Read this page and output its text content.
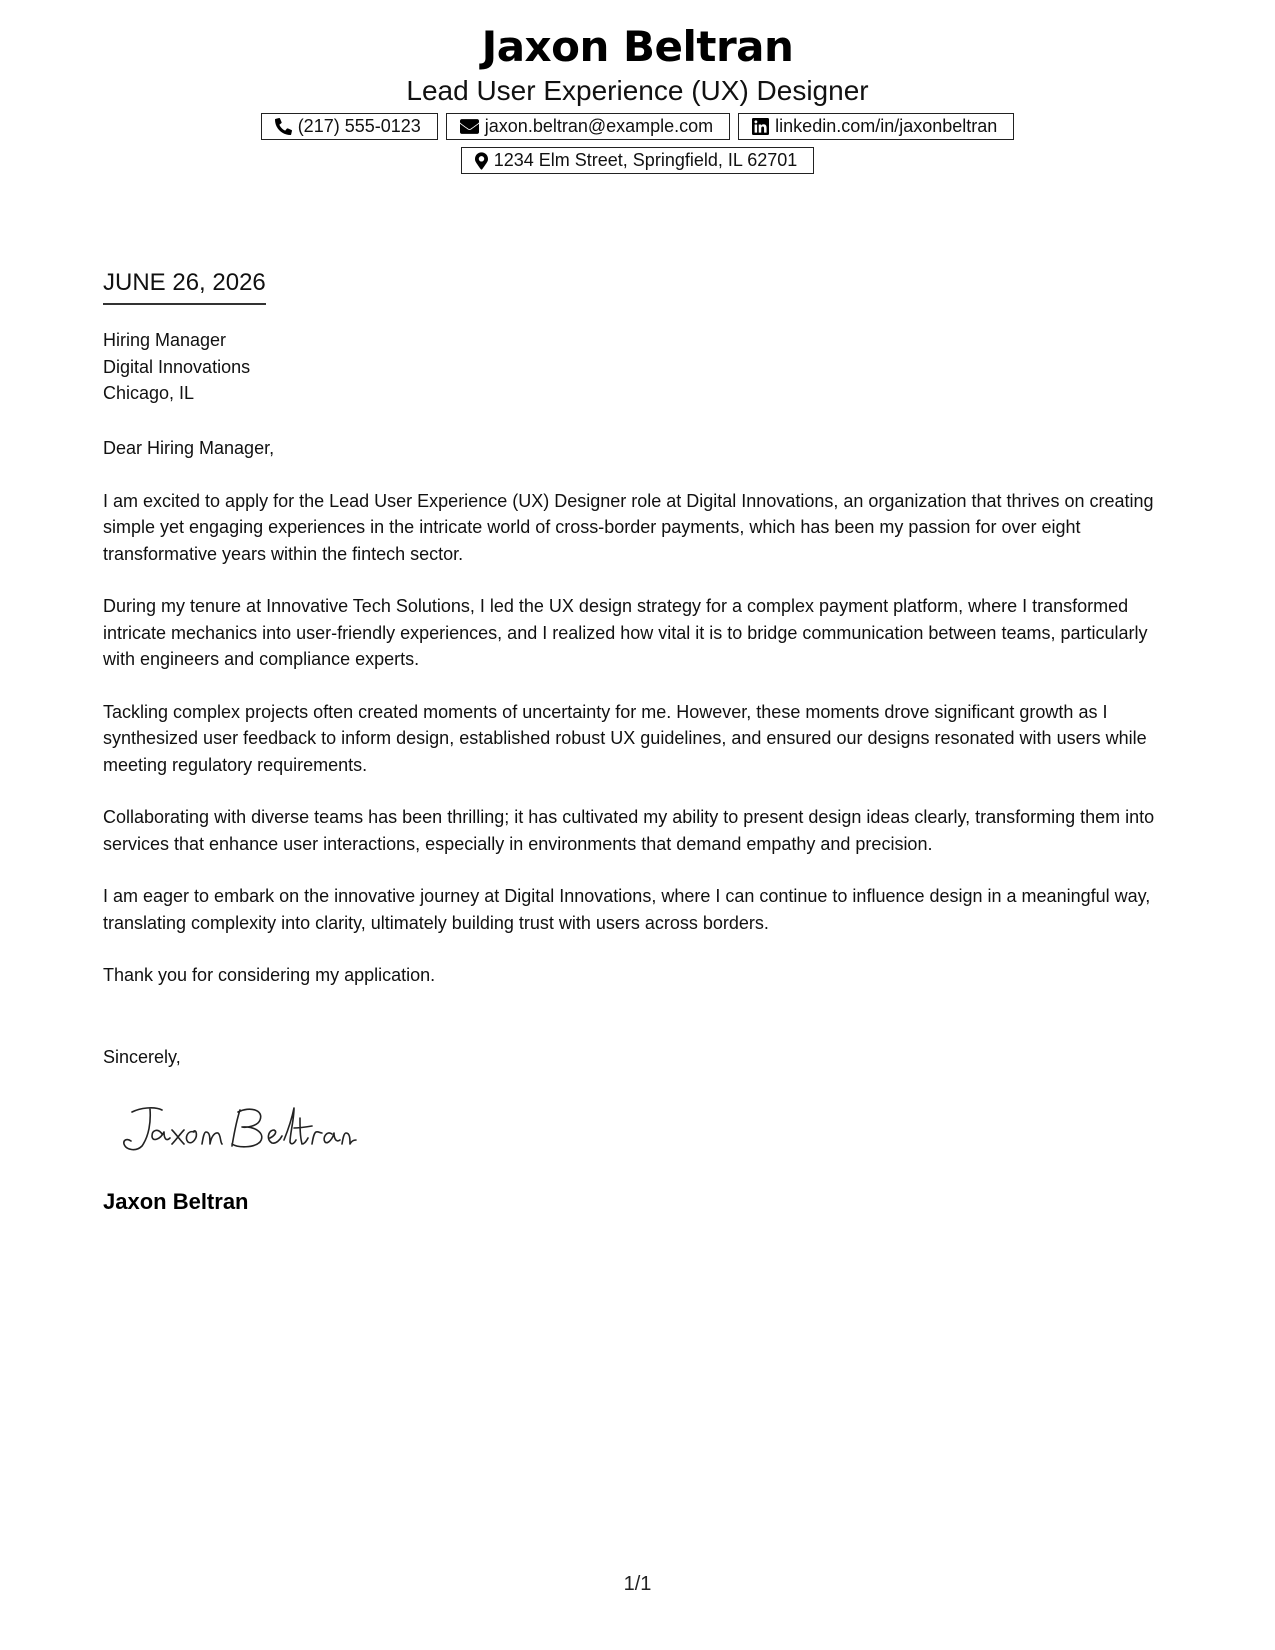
Jaxon Beltran
Lead User Experience (UX) Designer
(217) 555-0123	jaxon.beltran@example.com	linkedin.com/in/jaxonbeltran
1234 Elm Street, Springfield, IL 62701
JUNE 26, 2026
Hiring Manager
Digital Innovations
Chicago, IL

Dear Hiring Manager,

I am excited to apply for the Lead User Experience (UX) Designer role at Digital Innovations, an organization that thrives on creating simple yet engaging experiences in the intricate world of cross-border payments, which has been my passion for over eight transformative years within the fintech sector.

During my tenure at Innovative Tech Solutions, I led the UX design strategy for a complex payment platform, where I transformed intricate mechanics into user-friendly experiences, and I realized how vital it is to bridge communication between teams, particularly with engineers and compliance experts.

Tackling complex projects often created moments of uncertainty for me. However, these moments drove significant growth as I synthesized user feedback to inform design, established robust UX guidelines, and ensured our designs resonated with users while meeting regulatory requirements.

Collaborating with diverse teams has been thrilling; it has cultivated my ability to present design ideas clearly, transforming them into services that enhance user interactions, especially in environments that demand empathy and precision.

I am eager to embark on the innovative journey at Digital Innovations, where I can continue to influence design in a meaningful way, translating complexity into clarity, ultimately building trust with users across borders.

Thank you for considering my application.

Sincerely,
Jaxon Beltran
1/1
